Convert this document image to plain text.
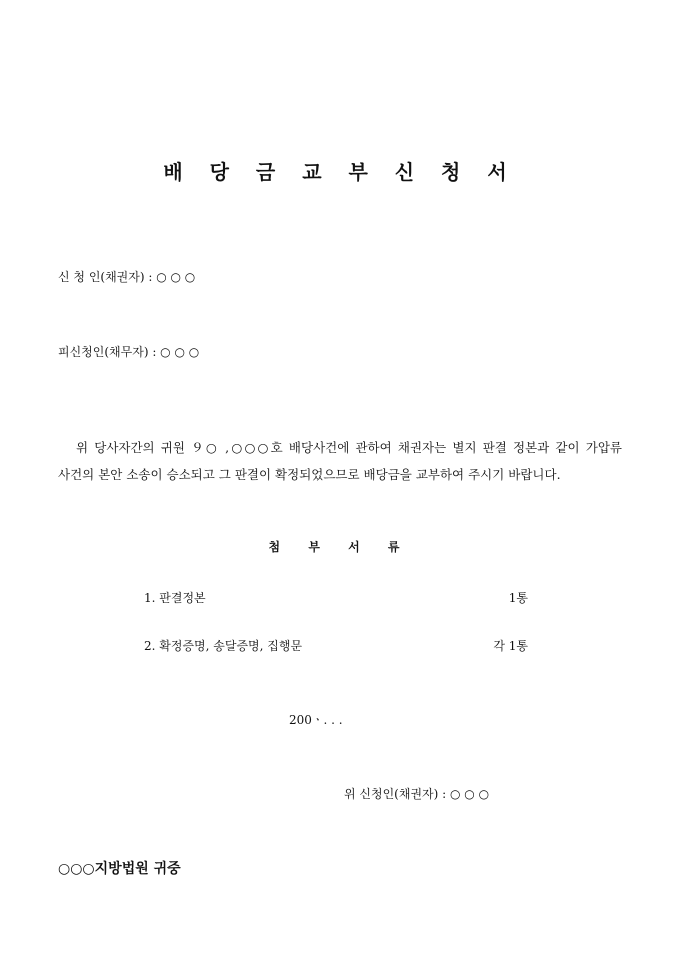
배 당 금 교 부 신 청 서
신 청 인(채권자) : ○ ○ ○
피신청인(채무자) : ○ ○ ○
위 당사자간의 귀원 ９○ ,○○○호 배당사건에 관하여 채권자는 별지 판결 정본과 같이 가압류 사건의 본안 소송이 승소되고 그 판결이 확정되었으므로 배당금을 교부하여 주시기 바랍니다.
첨 부 서 류
1. 판결정본	1통
2. 확정증명, 송달증명, 집행문	각 1통
200ㆍ. . .
위 신청인(채권자) : ○ ○ ○
○○○지방법원 귀중
